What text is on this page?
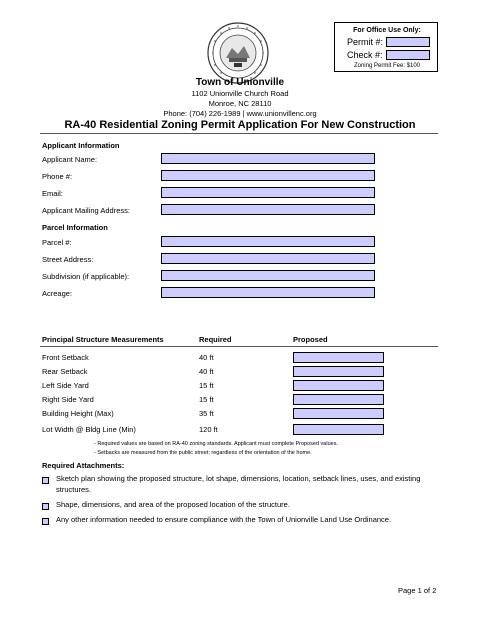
For Office Use Only:
Permit #:
Check #:
Zoning Permit Fee: $100
Town of Unionville
1102 Unionville Church Road
Monroe, NC 28110
Phone: (704) 226-1989 | www.unionvillenc.org
RA-40 Residential Zoning Permit Application For New Construction
Applicant Information
Applicant Name:
Phone #:
Email:
Applicant Mailing Address:
Parcel Information
Parcel #:
Street Address:
Subdivision (if applicable):
Acreage:
Principal Structure Measurements	Required	Proposed
Front Setback	40 ft
Rear Setback	40 ft
Left Side Yard	15 ft
Right Side Yard	15 ft
Building Height (Max)	35 ft
Lot Width @ Bldg Line (Min)	120 ft
- Required values are based on RA-40 zoning standards. Applicant must complete Proposed values.
- Setbacks are measured from the public street; regardless of the orientation of the home.
Required Attachments:
Sketch plan showing the proposed structure, lot shape, dimensions, location, setback lines, uses, and existing structures.
Shape, dimensions, and area of the proposed location of the structure.
Any other information needed to ensure compliance with the Town of Unionville Land Use Ordinance.
Page 1 of 2
